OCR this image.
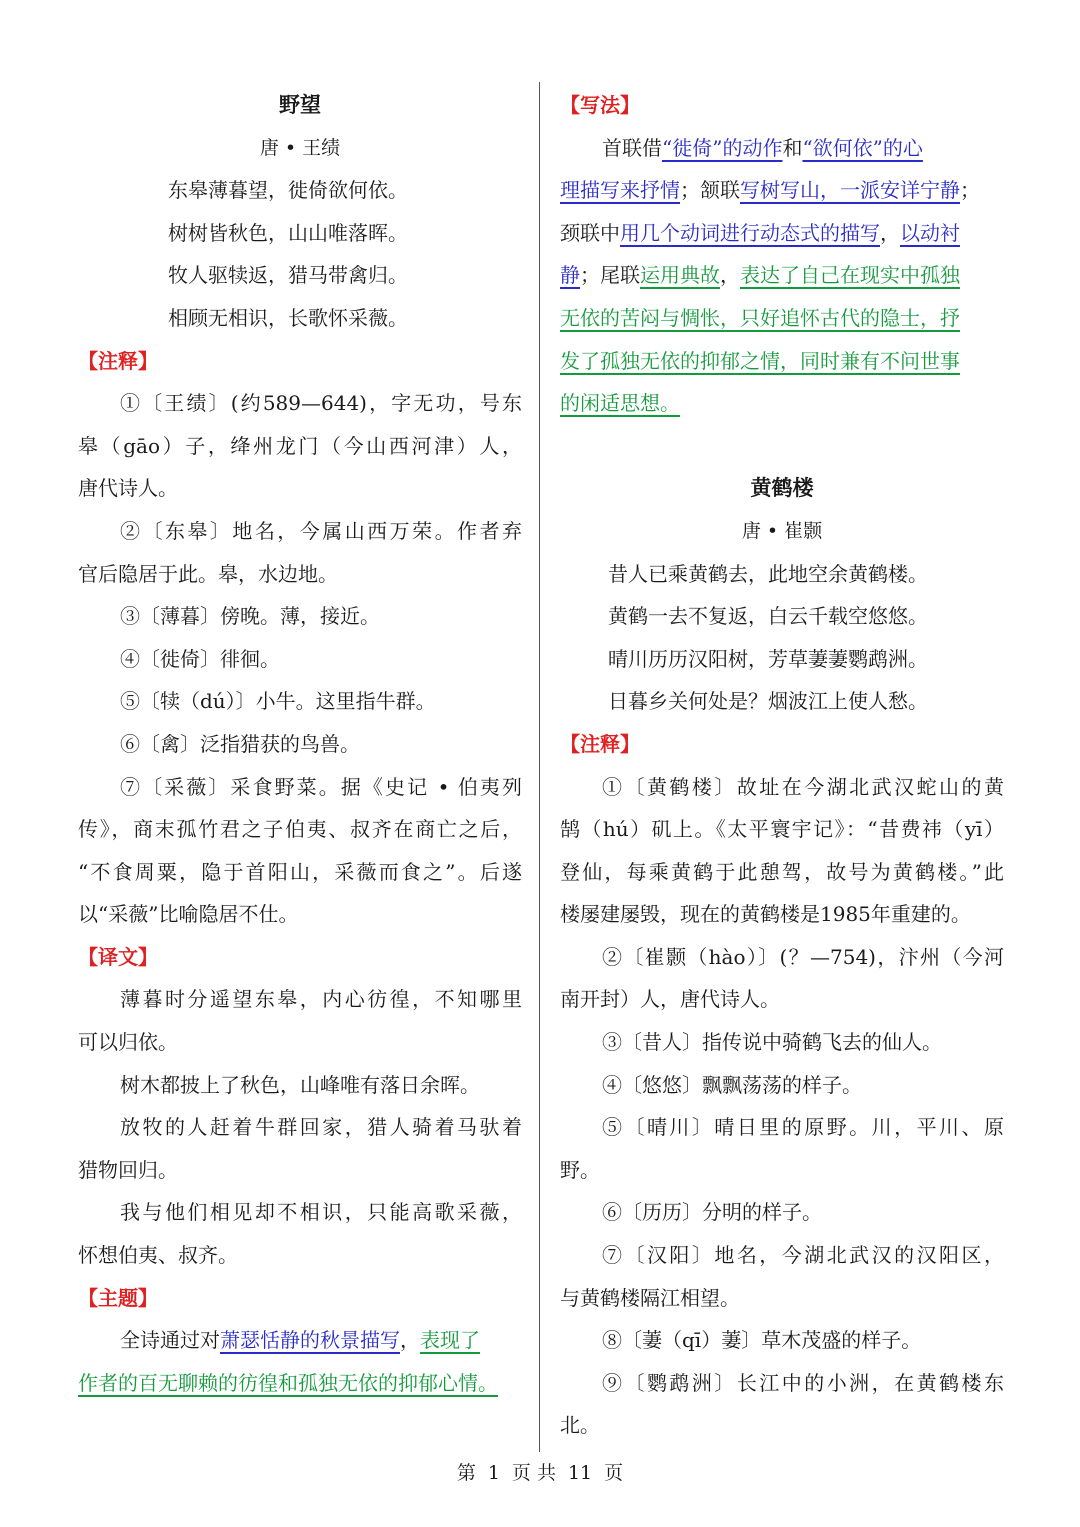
野望
唐 • 王绩
东皋薄暮望，徙倚欲何依。
树树皆秋色，山山唯落晖。
牧人驱犊返，猎马带禽归。
相顾无相识，长歌怀采薇。
【注释】
①〔王绩〕(约589—644)，字无功，号东
皋（gāo）子，绛州龙门（今山西河津）人，
唐代诗人。
②〔东皋〕地名，今属山西万荣。作者弃
官后隐居于此。皋，水边地。
③〔薄暮〕傍晚。薄，接近。
④〔徙倚〕徘徊。
⑤〔犊（dú）〕小牛。这里指牛群。
⑥〔禽〕泛指猎获的鸟兽。
⑦〔采薇〕采食野菜。据《史记 • 伯夷列
传》，商末孤竹君之子伯夷、叔齐在商亡之后，
“不食周粟，隐于首阳山，采薇而食之”。后遂
以“采薇”比喻隐居不仕。
【译文】
薄暮时分遥望东皋，内心彷徨，不知哪里
可以归依。
树木都披上了秋色，山峰唯有落日余晖。
放牧的人赶着牛群回家，猎人骑着马驮着
猎物回归。
我与他们相见却不相识，只能高歌采薇，
怀想伯夷、叔齐。
【主题】
全诗通过对萧瑟恬静的秋景描写，表现了
作者的百无聊赖的彷徨和孤独无依的抑郁心情。
【写法】
首联借“徙倚”的动作和“欲何依”的心
理描写来抒情；颔联写树写山，一派安详宁静；
颈联中用几个动词进行动态式的描写，以动衬
静；尾联运用典故，表达了自己在现实中孤独
无依的苦闷与惆怅，只好追怀古代的隐士，抒
发了孤独无依的抑郁之情，同时兼有不问世事
的闲适思想。
黄鹤楼
唐 • 崔颢
昔人已乘黄鹤去，此地空余黄鹤楼。
黄鹤一去不复返，白云千载空悠悠。
晴川历历汉阳树，芳草萋萋鹦鹉洲。
日暮乡关何处是？烟波江上使人愁。
【注释】
①〔黄鹤楼〕故址在今湖北武汉蛇山的黄
鹄（hú）矶上。《太平寰宇记》：“昔费祎（yī）
登仙，每乘黄鹤于此憩驾，故号为黄鹤楼。”此
楼屡建屡毁，现在的黄鹤楼是1985年重建的。
②〔崔颢（hào）〕(？—754)，汴州（今河
南开封）人，唐代诗人。
③〔昔人〕指传说中骑鹤飞去的仙人。
④〔悠悠〕飘飘荡荡的样子。
⑤〔晴川〕晴日里的原野。川，平川、原
野。
⑥〔历历〕分明的样子。
⑦〔汉阳〕地名，今湖北武汉的汉阳区，
与黄鹤楼隔江相望。
⑧〔萋（qī）萋〕草木茂盛的样子。
⑨〔鹦鹉洲〕长江中的小洲，在黄鹤楼东
北。
第 1 页 共 11 页
